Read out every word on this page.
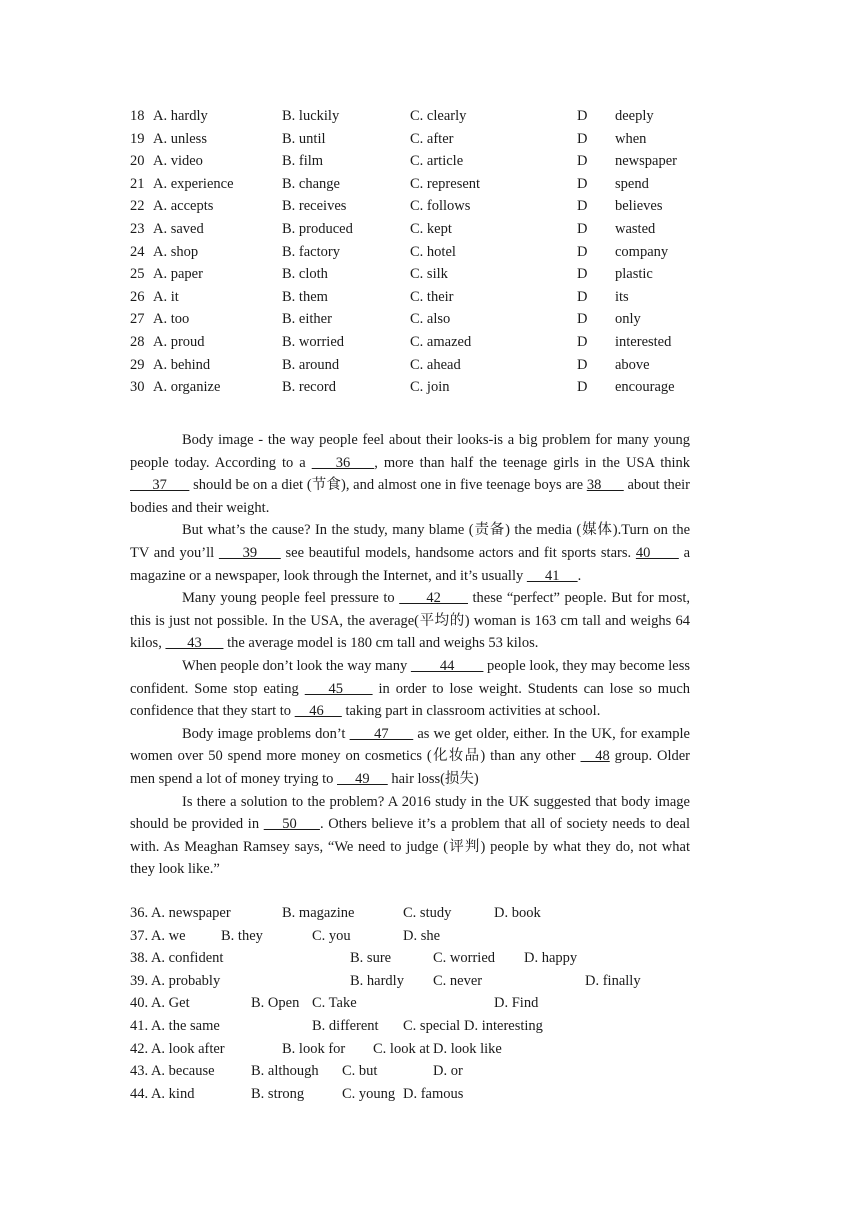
18 A. hardly	B. luckily	C. clearly	D deeply
19 A. unless	B. until	C. after	D when
20 A. video	B. film	C. article	D newspaper
21 A. experience	B. change	C. represent	D spend
22 A. accepts	B. receives	C. follows	D believes
23 A. saved	B. produced	C. kept	D wasted
24 A. shop	B. factory	C. hotel	D company
25 A. paper	B. cloth	C. silk	D plastic
26 A. it	B. them	C. their	D its
27 A. too	B. either	C. also	D only
28 A. proud	B. worried	C. amazed	D interested
29 A. behind	B. around	C. ahead	D above
30 A. organize	B. record	C. join	D encourage

Body image - the way people feel about their looks-is a big problem for many young people today. According to a     36    , more than half the teenage girls in the USA think       37       should be on a diet (节食), and almost one in five teenage boys are 38       about their bodies and their weight.

But what’s the cause? In the study, many blame (责备) the media (媒体).Turn on the TV and you’ll      39      see beautiful models, handsome actors and fit sports stars. 40       a magazine or a newspaper, look through the Internet, and it’s usually      41     .

Many young people feel pressure to       42       these “perfect” people. But for most, this is just not possible. In the USA, the average(平均的) woman is 163 cm tall and weighs 64 kilos,       43       the average model is 180 cm tall and weighs 53 kilos.

When people don’t look the way many         44         people look, they may become less confident. Some stop eating     45      in order to lose weight. Students can lose so much confidence that they start to     46      taking part in classroom activities at school.

Body image problems don’t       47       as we get older, either. In the UK, for example women over 50 spend more money on cosmetics (化妆品) than any other    48 group. Older men spend a lot of money trying to      49      hair loss(损失)

Is there a solution to the problem? A 2016 study in the UK suggested that body image should be provided in     50     . Others believe it’s a problem that all of society needs to deal with. As Meaghan Ramsey says, “We need to judge (评判) people by what they do, not what they look like.”

36. A. newspaper	B. magazine	C. study	D. book
37. A. we B. they	C. you	D. she
38. A. confident	B. sure	C. worried D. happy
39. A. probably	B. hardly C. never	D. finally
40. A. Get	B. Open C. Take	D. Find
41. A. the same	B. different C. special D. interesting
42. A. look after	B. look for C. look at D. look like
43. A. because	B. although C. but	D. or
44. A. kind	B. strong	C. young D. famous
